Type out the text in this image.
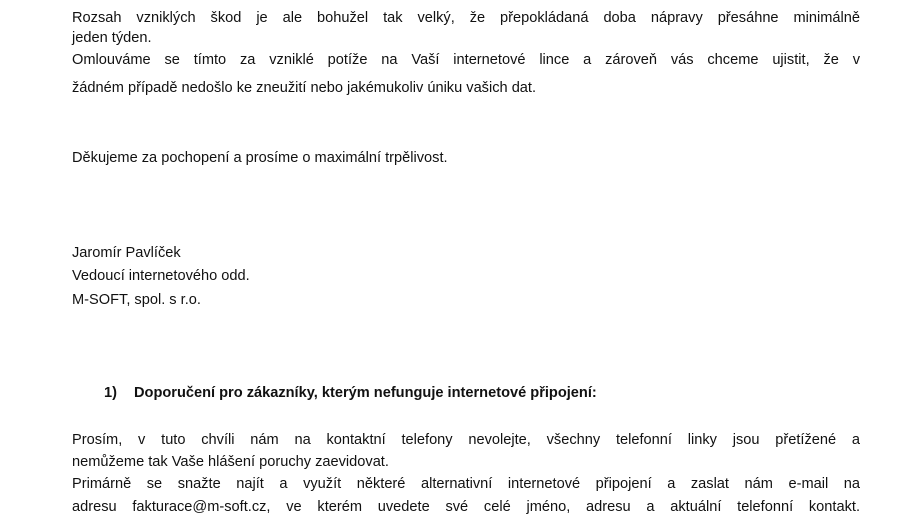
Rozsah vzniklých škod je ale bohužel tak velký, že přepokládaná doba nápravy přesáhne minimálně
jeden týden.
Omlouváme se tímto za vzniklé potíže na Vaší internetové lince a zároveň vás chceme ujistit, že v
žádném případě nedošlo ke zneužití nebo jakémukoliv úniku vašich dat.
Děkujeme za pochopení a prosíme o maximální trpělivost.
Jaromír Pavlíček
Vedoucí internetového odd.
M-SOFT, spol. s r.o.
1) Doporučení pro zákazníky, kterým nefunguje internetové připojení:
Prosím, v tuto chvíli nám na kontaktní telefony nevolejte, všechny telefonní linky jsou přetížené a
nemůžeme tak Vaše hlášení poruchy zaevidovat.
Primárně se snažte najít a využít některé alternativní internetové připojení a zaslat nám e-mail na
adresu fakturace@m-soft.cz, ve kterém uvedete své celé jméno, adresu a aktuální telefonní kontakt.
